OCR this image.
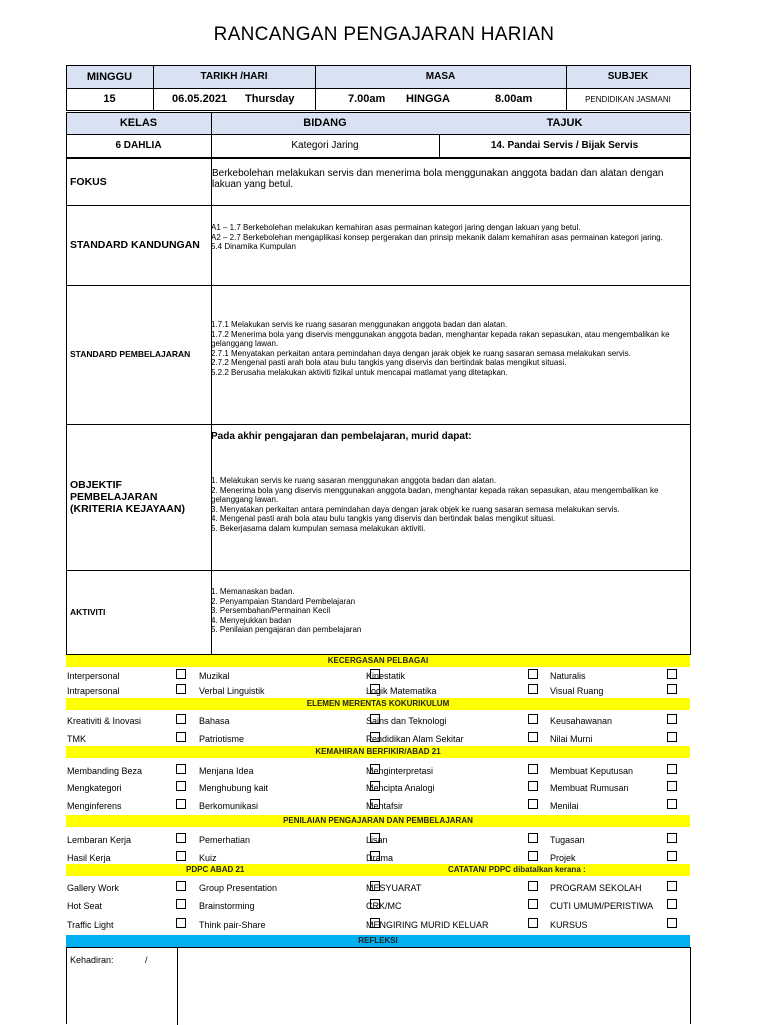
RANCANGAN PENGAJARAN HARIAN
MINGGU	TARIKH /HARI	MASA	SUBJEK
15	06.05.2021	Thursday	7.00am	HINGGA	8.00am	PENDIDIKAN JASMANI
KELAS	BIDANG	TAJUK
6 DAHLIA	Kategori Jaring	14. Pandai Servis / Bijak Servis
FOKUS
Berkebolehan melakukan servis dan menerima bola menggunakan anggota badan dan alatan dengan lakuan yang betul.
STANDARD KANDUNGAN
A1 – 1.7 Berkebolehan melakukan kemahiran asas permainan kategori jaring dengan lakuan yang betul.
A2 – 2.7 Berkebolehan mengaplikasi konsep pergerakan dan prinsip mekanik dalam kemahiran asas permainan kategori jaring.
5.4 Dinamika Kumpulan
STANDARD PEMBELAJARAN
1.7.1 Melakukan servis ke ruang sasaran menggunakan anggota badan dan alatan.
1.7.2 Menerima bola yang diservis menggunakan anggota badan, menghantar kepada rakan sepasukan, atau mengembalikan ke gelanggang lawan.
2.7.1 Menyatakan perkaitan antara pemindahan daya dengan jarak objek ke ruang sasaran semasa melakukan servis.
2.7.2 Mengenal pasti arah bola atau bulu tangkis yang diservis dan bertindak balas mengikut situasi.
5.2.2 Berusaha melakukan aktiviti fizikal untuk mencapai matlamat yang ditetapkan.
OBJEKTIF PEMBELAJARAN
(KRITERIA KEJAYAAN)
Pada akhir pengajaran dan pembelajaran, murid dapat:
1. Melakukan servis ke ruang sasaran menggunakan anggota badan dan alatan.
2. Menerima bola yang diservis menggunakan anggota badan, menghantar kepada rakan sepasukan, atau mengembalikan ke gelanggang lawan.
3. Menyatakan perkaitan antara pemindahan daya dengan jarak objek ke ruang sasaran semasa melakukan servis.
4. Mengenal pasti arah bola atau bulu tangkis yang diservis dan bertindak balas mengikut situasi.
5. Bekerjasama dalam kumpulan semasa melakukan aktiviti.
AKTIVITI
1. Memanaskan badan.
2. Penyampaian Standard Pembelajaran
3. Persembahan/Permainan Kecil
4. Menyejukkan badan
5. Penilaian pengajaran dan pembelajaran
KECERGASAN PELBAGAI
Interpersonal	Muzikal	Kinestatik	Naturalis
Intrapersonal	Verbal Linguistik	Logik Matematika	Visual Ruang
ELEMEN MERENTAS KOKURIKULUM
Kreativiti & Inovasi	Bahasa	Sains dan Teknologi	Keusahawanan
TMK	Patriotisme	Pendidikan Alam Sekitar	Nilai Murni
KEMAHIRAN BERFIKIR/ABAD 21
Membanding Beza	Menjana Idea	Menginterpretasi	Membuat Keputusan
Mengkategori	Menghubung kait	Mencipta Analogi	Membuat Rumusan
Menginferens	Berkomunikasi	Mentafsir	Menilai
PENILAIAN PENGAJARAN DAN PEMBELAJARAN
Lembaran Kerja	Pemerhatian	Lisan	Tugasan
Hasil Kerja	Kuiz	Drama	Projek
PDPC ABAD 21	CATATAN/ PDPC dibatalkan kerana :
Gallery Work	Group Presentation	MESYUARAT	PROGRAM SEKOLAH
Hot Seat	Brainstorming	CRK/MC	CUTI UMUM/PERISTIWA
Traffic Light	Think pair-Share	MENGIRING MURID KELUAR	KURSUS
REFLEKSI
Kehadiran:	/
